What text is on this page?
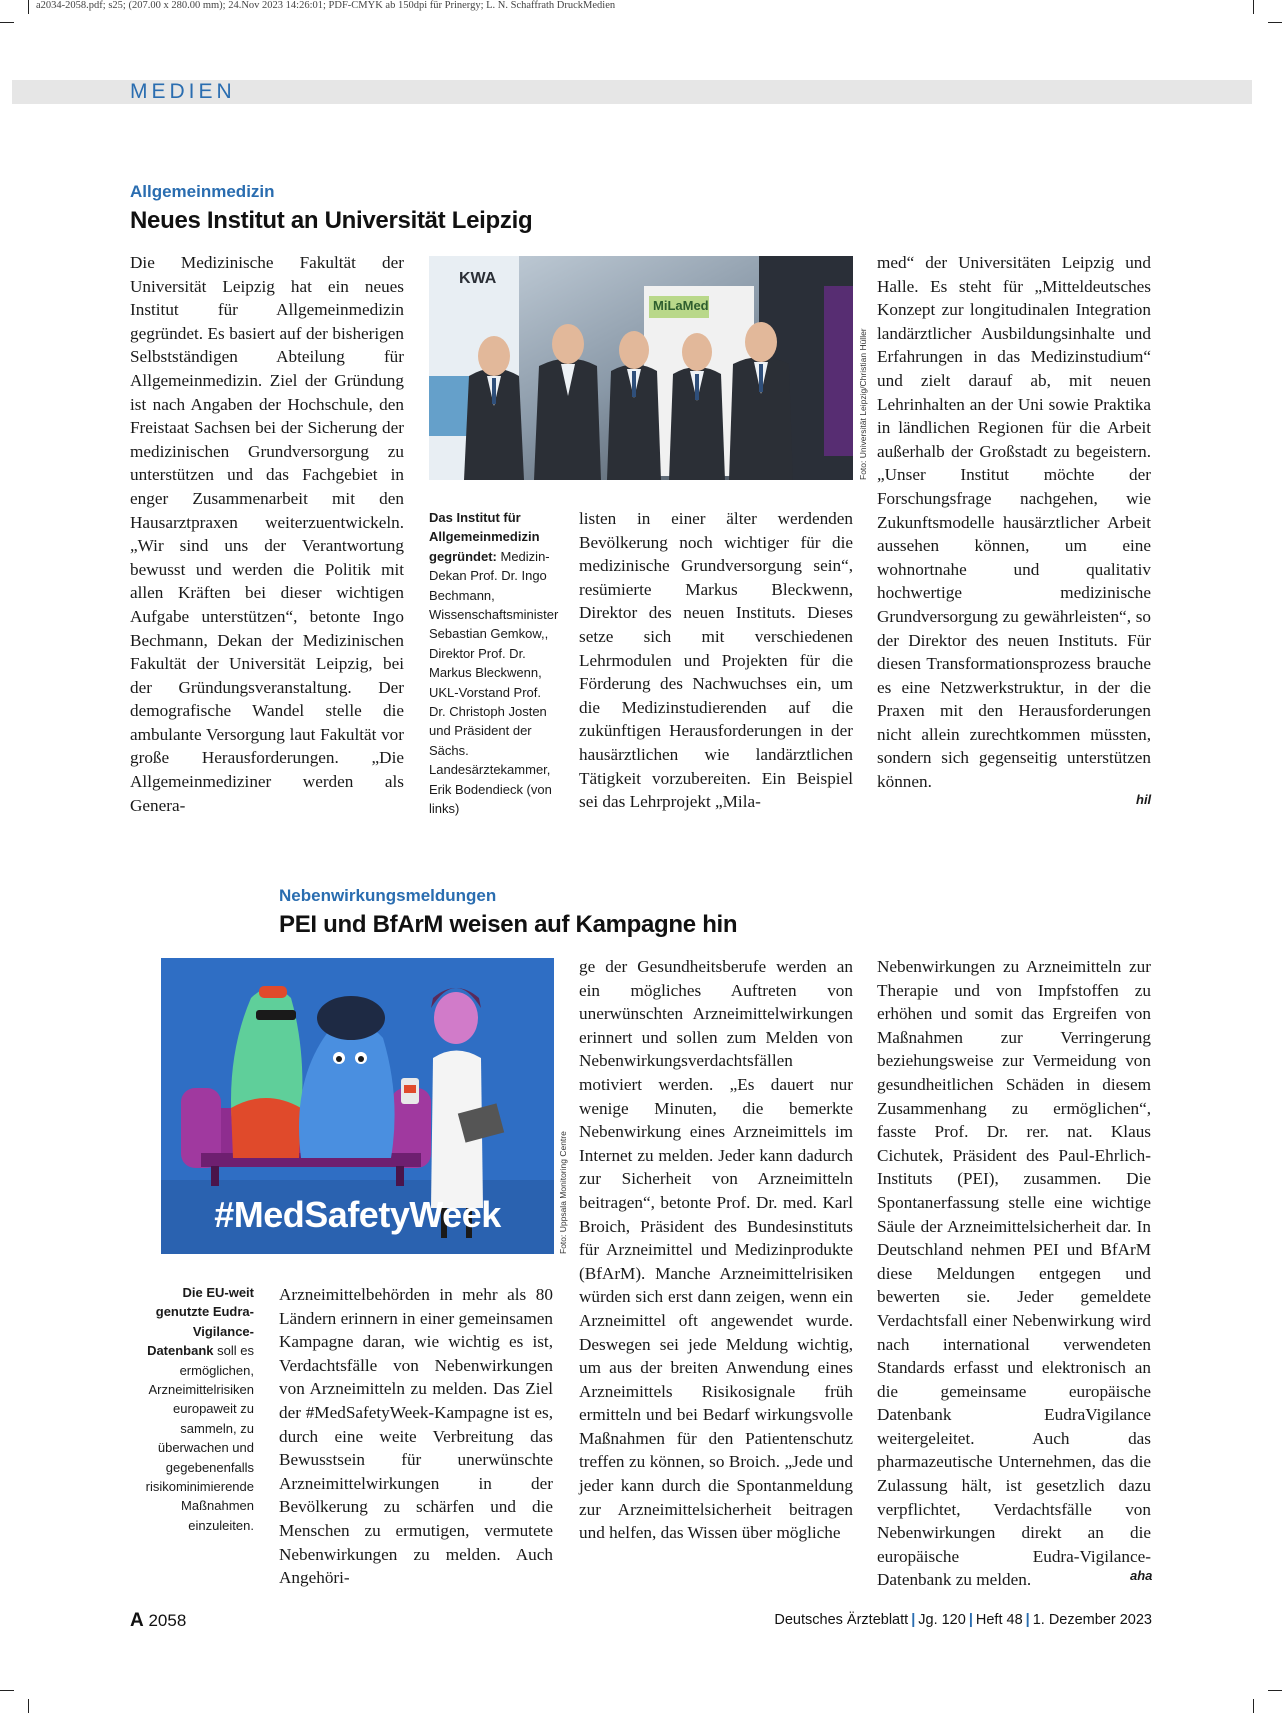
a2034-2058.pdf; s25; (207.00 x 280.00 mm); 24.Nov 2023 14:26:01; PDF-CMYK ab 150dpi für Prinergy; L. N. Schaffrath DruckMedien
MEDIEN
Allgemeinmedizin
Neues Institut an Universität Leipzig
Die Medizinische Fakultät der Universität Leipzig hat ein neues Institut für Allgemeinmedizin gegründet. Es basiert auf der bisherigen Selbstständigen Abteilung für Allgemeinmedizin. Ziel der Gründung ist nach Angaben der Hochschule, den Freistaat Sachsen bei der Sicherung der medizinischen Grundversorgung zu unterstützen und das Fachgebiet in enger Zusammenarbeit mit den Hausarztpraxen weiterzuentwickeln. „Wir sind uns der Verantwortung bewusst und werden die Politik mit allen Kräften bei dieser wichtigen Aufgabe unterstützen“, betonte Ingo Bechmann, Dekan der Medizinischen Fakultät der Universität Leipzig, bei der Gründungsveranstaltung. Der demografische Wandel stelle die ambulante Versorgung laut Fakultät vor große Herausforderungen. „Die Allgemeinmediziner werden als Genera-
KWA
MiLaMed
Foto: Universität Leipzig/Christian Hüller
Das Institut für Allgemeinmedizin gegründet: Medizin-Dekan Prof. Dr. Ingo Bechmann, Wissenschaftsminister Sebastian Gemkow,, Direktor Prof. Dr. Markus Bleckwenn, UKL-Vorstand Prof. Dr. Christoph Josten und Präsident der Sächs. Landesärztekammer, Erik Bodendieck (von links)
listen in einer älter werdenden Bevölkerung noch wichtiger für die medizinische Grundversorgung sein“, resümierte Markus Bleckwenn, Direktor des neuen Instituts. Dieses setze sich mit verschiedenen Lehrmodulen und Projekten für die Förderung des Nachwuchses ein, um die Medizinstudierenden auf die zukünftigen Herausforderungen in der hausärztlichen wie landärztlichen Tätigkeit vorzubereiten. Ein Beispiel sei das Lehrprojekt „Mila-
med“ der Universitäten Leipzig und Halle. Es steht für „Mitteldeutsches Konzept zur longitudinalen Integration landärztlicher Ausbildungsinhalte und Erfahrungen in das Medizinstudium“ und zielt darauf ab, mit neuen Lehrinhalten an der Uni sowie Praktika in ländlichen Regionen für die Arbeit außerhalb der Großstadt zu begeistern. „Unser Institut möchte der Forschungsfrage nachgehen, wie Zukunftsmodelle hausärztlicher Arbeit aussehen können, um eine wohnortnahe und qualitativ hochwertige medizinische Grundversorgung zu gewährleisten“, so der Direktor des neuen Instituts. Für diesen Transformationsprozess brauche es eine Netzwerkstruktur, in der die Praxen mit den Herausforderungen nicht allein zurechtkommen müssten, sondern sich gegenseitig unterstützen können.
hil
Nebenwirkungsmeldungen
PEI und BfArM weisen auf Kampagne hin
#MedSafetyWeek	Foto: Uppsala Monitoring Centre
Die EU-weit genutzte Eudra-Vigilance-Datenbank soll es ermöglichen, Arzneimittelrisiken europaweit zu sammeln, zu überwachen und gegebenenfalls risikominimierende Maßnahmen einzuleiten.
Arzneimittelbehörden in mehr als 80 Ländern erinnern in einer gemeinsamen Kampagne daran, wie wichtig es ist, Verdachtsfälle von Nebenwirkungen von Arzneimitteln zu melden. Das Ziel der #MedSafetyWeek-Kampagne ist es, durch eine weite Verbreitung das Bewusstsein für unerwünschte Arzneimittelwirkungen in der Bevölkerung zu schärfen und die Menschen zu ermutigen, vermutete Nebenwirkungen zu melden. Auch Angehöri-
ge der Gesundheitsberufe werden an ein mögliches Auftreten von unerwünschten Arzneimittelwirkungen erinnert und sollen zum Melden von Nebenwirkungsverdachtsfällen motiviert werden. „Es dauert nur wenige Minuten, die bemerkte Nebenwirkung eines Arzneimittels im Internet zu melden. Jeder kann dadurch zur Sicherheit von Arzneimitteln beitragen“, betonte Prof. Dr. med. Karl Broich, Präsident des Bundesinstituts für Arzneimittel und Medizinprodukte (BfArM). Manche Arzneimittelrisiken würden sich erst dann zeigen, wenn ein Arzneimittel oft angewendet wurde. Deswegen sei jede Meldung wichtig, um aus der breiten Anwendung eines Arzneimittels Risikosignale früh ermitteln und bei Bedarf wirkungsvolle Maßnahmen für den Patientenschutz treffen zu können, so Broich. „Jede und jeder kann durch die Spontanmeldung zur Arzneimittelsicherheit beitragen und helfen, das Wissen über mögliche
Nebenwirkungen zu Arzneimitteln zur Therapie und von Impfstoffen zu erhöhen und somit das Ergreifen von Maßnahmen zur Verringerung beziehungsweise zur Vermeidung von gesundheitlichen Schäden in diesem Zusammenhang zu ermöglichen“, fasste Prof. Dr. rer. nat. Klaus Cichutek, Präsident des Paul-Ehrlich-Instituts (PEI), zusammen. Die Spontanerfassung stelle eine wichtige Säule der Arzneimittelsicherheit dar. In Deutschland nehmen PEI und BfArM diese Meldungen entgegen und bewerten sie. Jeder gemeldete Verdachtsfall einer Nebenwirkung wird nach international verwendeten Standards erfasst und elektronisch an die gemeinsame europäische Datenbank EudraVigilance weitergeleitet. Auch das pharmazeutische Unternehmen, das die Zulassung hält, ist gesetzlich dazu verpflichtet, Verdachtsfälle von Nebenwirkungen direkt an die europäische Eudra-Vigilance-Datenbank zu melden.	aha
A 2058	Deutsches Ärzteblatt | Jg. 120 | Heft 48 | 1. Dezember 2023
